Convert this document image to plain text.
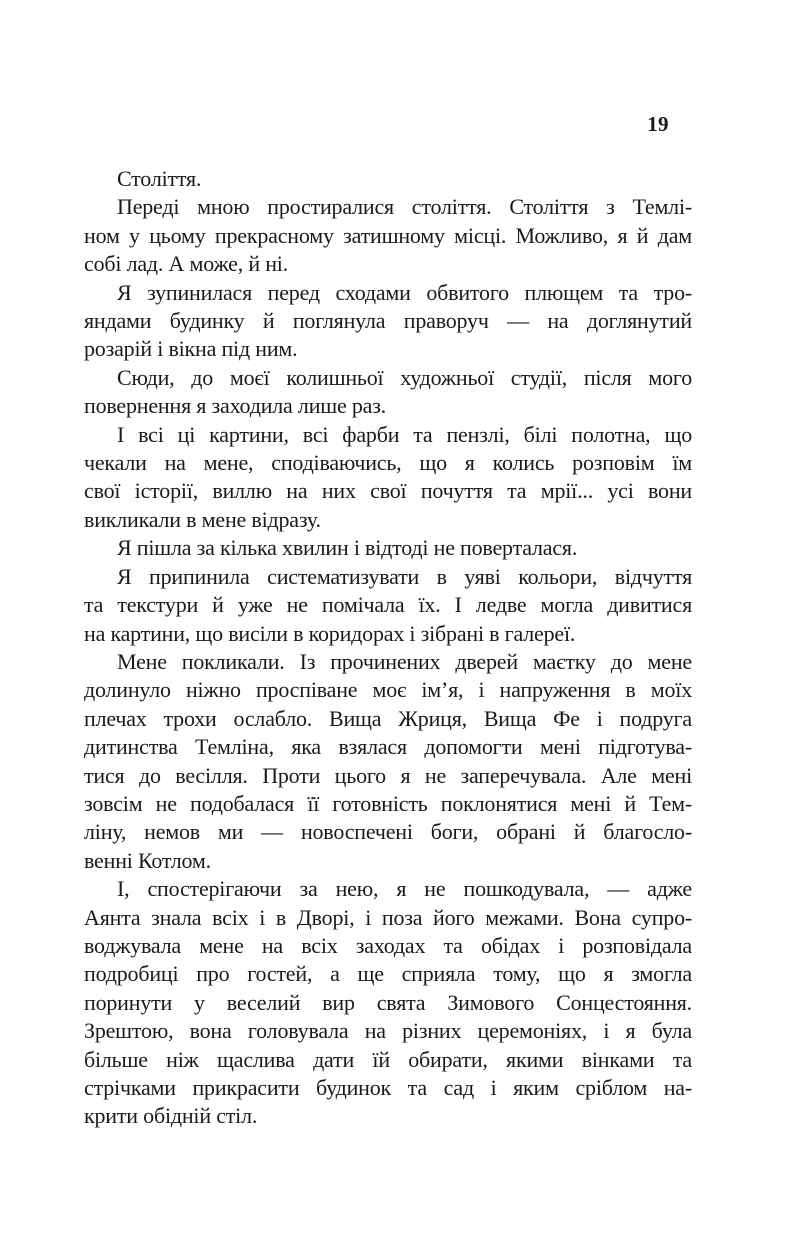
19

Століття.

Переді мною простиралися століття. Століття з Темлі-
ном у цьому прекрасному затишному місці. Можливо, я й дам
собі лад. А може, й ні.

Я зупинилася перед сходами обвитого плющем та тро-
яндами будинку й поглянула праворуч — на доглянутий
розарій і вікна під ним.

Сюди, до моєї колишньої художньої студії, після мого
повернення я заходила лише раз.

І всі ці картини, всі фарби та пензлі, білі полотна, що
чекали на мене, сподіваючись, що я колись розповім їм
свої історії, виллю на них свої почуття та мрії... усі вони
викликали в мене відразу.

Я пішла за кілька хвилин і відтоді не поверталася.

Я припинила систематизувати в уяві кольори, відчуття
та текстури й уже не помічала їх. І ледве могла дивитися
на картини, що висіли в коридорах і зібрані в галереї.

Мене покликали. Із прочинених дверей маєтку до мене
долинуло ніжно проспіване моє ім’я, і напруження в моїх
плечах трохи ослабло. Вища Жриця, Вища Фе і подруга
дитинства Темліна, яка взялася допомогти мені підготува-
тися до весілля. Проти цього я не заперечувала. Але мені
зовсім не подобалася її готовність поклонятися мені й Тем-
ліну, немов ми — новоспечені боги, обрані й благосло-
венні Котлом.

І, спостерігаючи за нею, я не пошкодувала, — адже
Аянта знала всіх і в Дворі, і поза його межами. Вона супро-
воджувала мене на всіх заходах та обідах і розповідала
подробиці про гостей, а ще сприяла тому, що я змогла
поринути у веселий вир свята Зимового Сонцестояння.
Зрештою, вона головувала на різних церемоніях, і я була
більше ніж щаслива дати їй обирати, якими вінками та
стрічками прикрасити будинок та сад і яким сріблом на-
крити обідній стіл.
